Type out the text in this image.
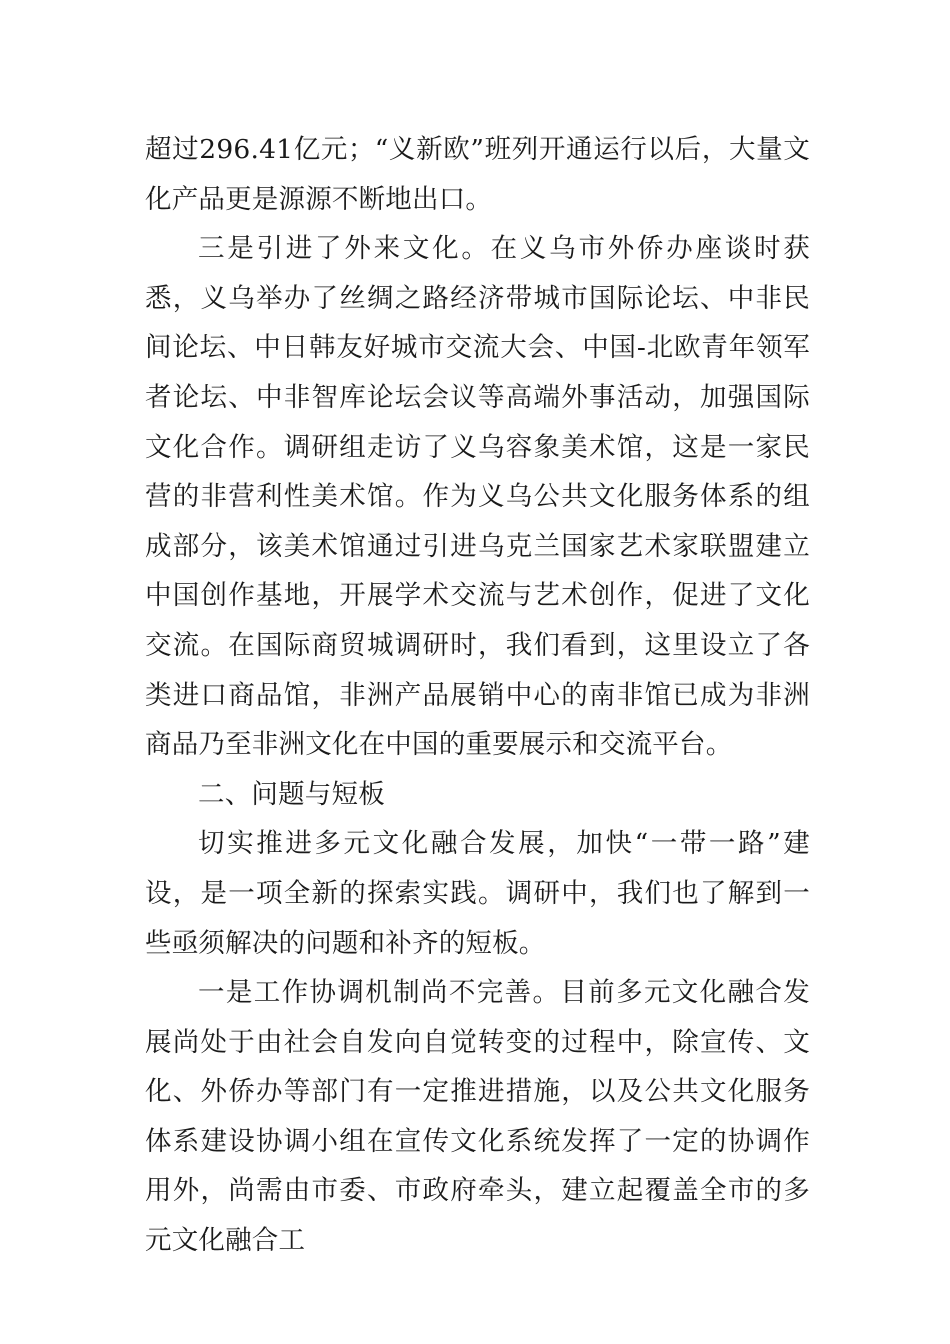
超过296.41亿元；“义新欧”班列开通运行以后，大量文化产品更是源源不断地出口。

三是引进了外来文化。在义乌市外侨办座谈时获悉，义乌举办了丝绸之路经济带城市国际论坛、中非民间论坛、中日韩友好城市交流大会、中国-北欧青年领军者论坛、中非智库论坛会议等高端外事活动，加强国际文化合作。调研组走访了义乌容象美术馆，这是一家民营的非营利性美术馆。作为义乌公共文化服务体系的组成部分，该美术馆通过引进乌克兰国家艺术家联盟建立中国创作基地，开展学术交流与艺术创作，促进了文化交流。在国际商贸城调研时，我们看到，这里设立了各类进口商品馆，非洲产品展销中心的南非馆已成为非洲商品乃至非洲文化在中国的重要展示和交流平台。

二、问题与短板

切实推进多元文化融合发展，加快“一带一路”建设，是一项全新的探索实践。调研中，我们也了解到一些亟须解决的问题和补齐的短板。

一是工作协调机制尚不完善。目前多元文化融合发展尚处于由社会自发向自觉转变的过程中，除宣传、文化、外侨办等部门有一定推进措施，以及公共文化服务体系建设协调小组在宣传文化系统发挥了一定的协调作用外，尚需由市委、市政府牵头，建立起覆盖全市的多元文化融合工
